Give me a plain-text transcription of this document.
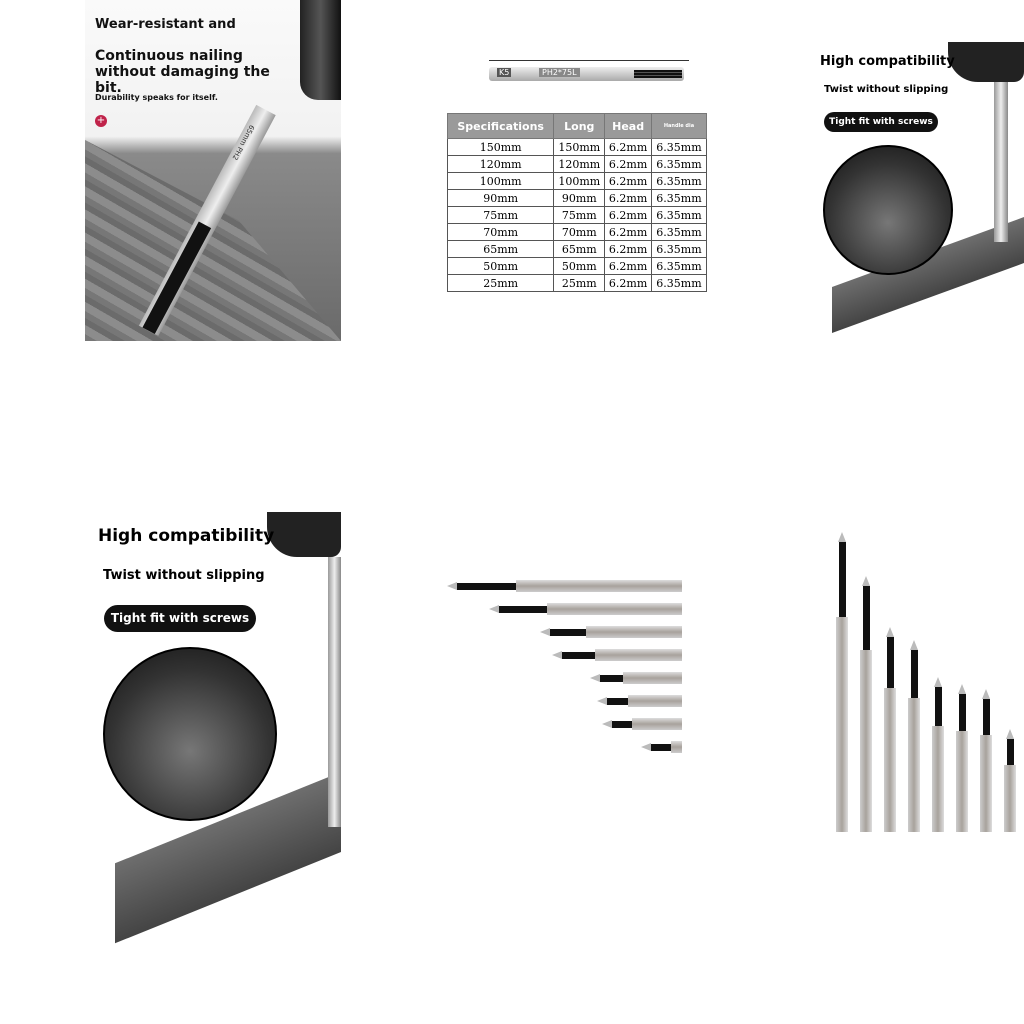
Wear-resistant and
Continuous nailing without damaging the bit.
Durability speaks for itself.
+
65mm PH2
K5	PH2*75L
Specifications	Long	Head	Handle dia
150mm	150mm	6.2mm	6.35mm
120mm	120mm	6.2mm	6.35mm
100mm	100mm	6.2mm	6.35mm
90mm	90mm	6.2mm	6.35mm
75mm	75mm	6.2mm	6.35mm
70mm	70mm	6.2mm	6.35mm
65mm	65mm	6.2mm	6.35mm
50mm	50mm	6.2mm	6.35mm
25mm	25mm	6.2mm	6.35mm
High compatibility
Twist without slipping
Tight fit with screws
High compatibility
Twist without slipping
Tight fit with screws
